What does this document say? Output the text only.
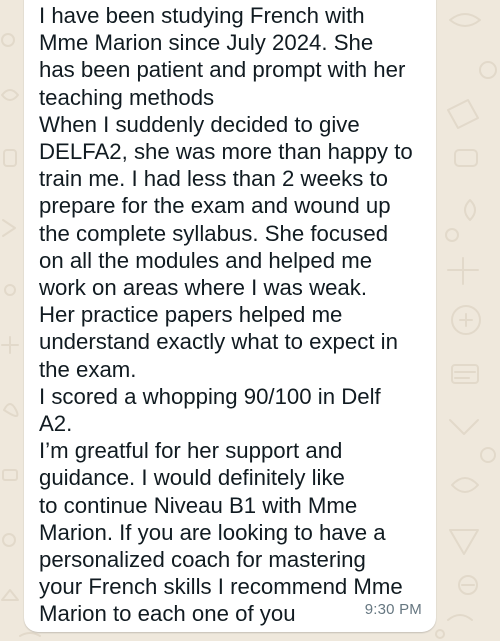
I have been studying French with
Mme Marion since July 2024. She
has been patient and prompt with her
teaching methods
When I suddenly decided to give
DELFA2, she was more than happy to
train me. I had less than 2 weeks to
prepare for the exam and wound up
the complete syllabus. She focused
on all the modules and helped me
work on areas where I was weak.
Her practice papers helped me
understand exactly what to expect in
the exam.
I scored a whopping 90/100 in Delf
A2.
I’m greatful for her support and
guidance. I would definitely like
to continue Niveau B1 with Mme
Marion. If you are looking to have a
personalized coach for mastering
your French skills I recommend Mme
Marion to each one of you	9:30 PM
